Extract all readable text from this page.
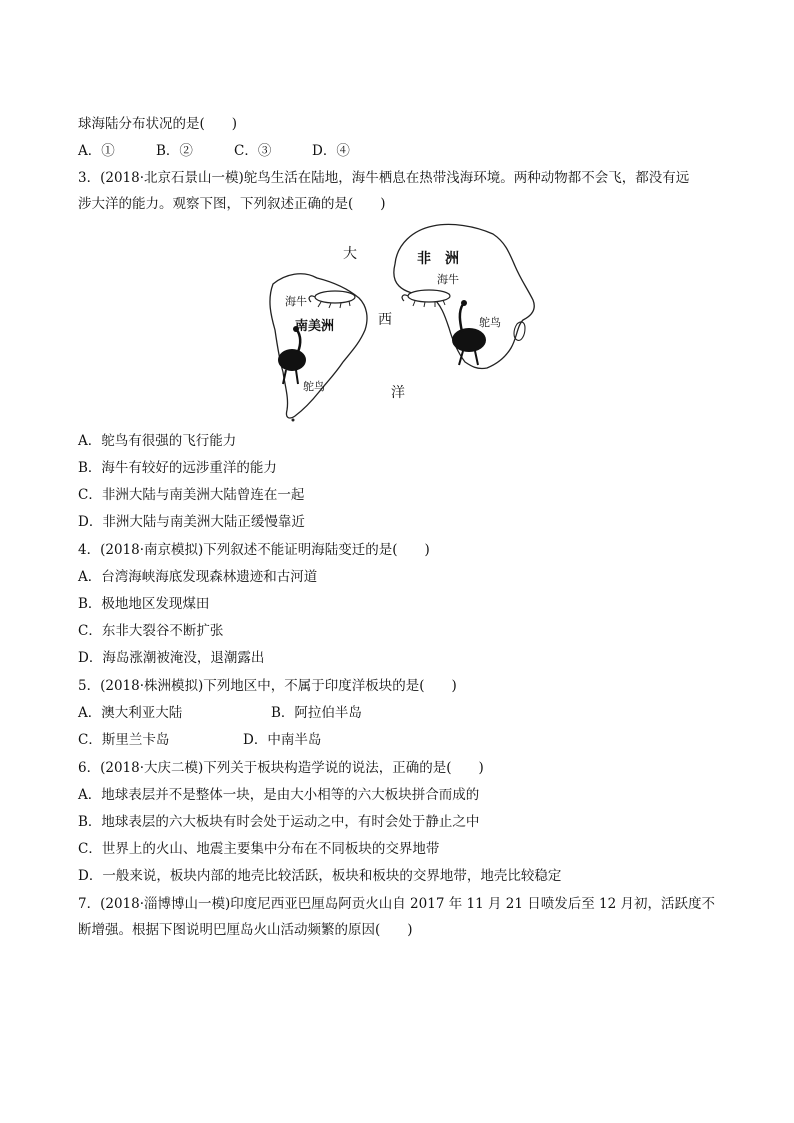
球海陆分布状况的是(　　)

A．①	B．②	C．③	D．④

3．(2018·北京石景山一模)鸵鸟生活在陆地，海牛栖息在热带浅海环境。两种动物都不会飞，都没有远

涉大洋的能力。观察下图，下列叙述正确的是(　　)

大
西
洋
非　洲
南美洲
海牛
鸵鸟
海牛
鸵鸟

A．鸵鸟有很强的飞行能力

B．海牛有较好的远涉重洋的能力

C．非洲大陆与南美洲大陆曾连在一起

D．非洲大陆与南美洲大陆正缓慢靠近

4．(2018·南京模拟)下列叙述不能证明海陆变迁的是(　　)

A．台湾海峡海底发现森林遗迹和古河道

B．极地地区发现煤田

C．东非大裂谷不断扩张

D．海岛涨潮被淹没，退潮露出

5．(2018·株洲模拟)下列地区中，不属于印度洋板块的是(　　)

A．澳大利亚大陆	B．阿拉伯半岛

C．斯里兰卡岛	D．中南半岛

6．(2018·大庆二模)下列关于板块构造学说的说法，正确的是(　　)

A．地球表层并不是整体一块，是由大小相等的六大板块拼合而成的

B．地球表层的六大板块有时会处于运动之中，有时会处于静止之中

C．世界上的火山、地震主要集中分布在不同板块的交界地带

D．一般来说，板块内部的地壳比较活跃，板块和板块的交界地带，地壳比较稳定

7．(2018·淄博博山一模)印度尼西亚巴厘岛阿贡火山自 2017 年 11 月 21 日喷发后至 12 月初，活跃度不

断增强。根据下图说明巴厘岛火山活动频繁的原因(　　)
